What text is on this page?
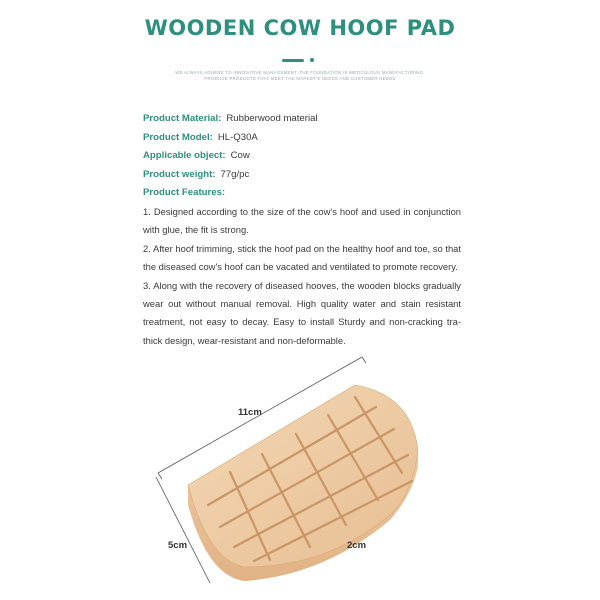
WOODEN COW HOOF PAD
WE ALWAYS ADHERE TO INNOVATIVE MANAGEMENT, THE FOUNDATION IS METICULOUS MANUFACTURING,
PRODUCE PRODUCTS THAT MEET THE MARKET'S NEEDS AND CUSTOMER NEEDS
Product Material: Rubberwood material
Product Model: HL-Q30A
Applicable object: Cow
Product weight: 77g/pc
Product Features:

1. Designed according to the size of the cow's hoof and used in conjunction with glue, the fit is strong.

2. After hoof trimming, stick the hoof pad on the healthy hoof and toe, so that the diseased cow's hoof can be vacated and ventilated to promote recovery.

3. Along with the recovery of diseased hooves, the wooden blocks gradually wear out without manual removal. High quality water and stain resistant treatment, not easy to decay. Easy to install Sturdy and non-cracking tra-thick design, wear-resistant and non-deformable.

11cm
5cm	2cm
